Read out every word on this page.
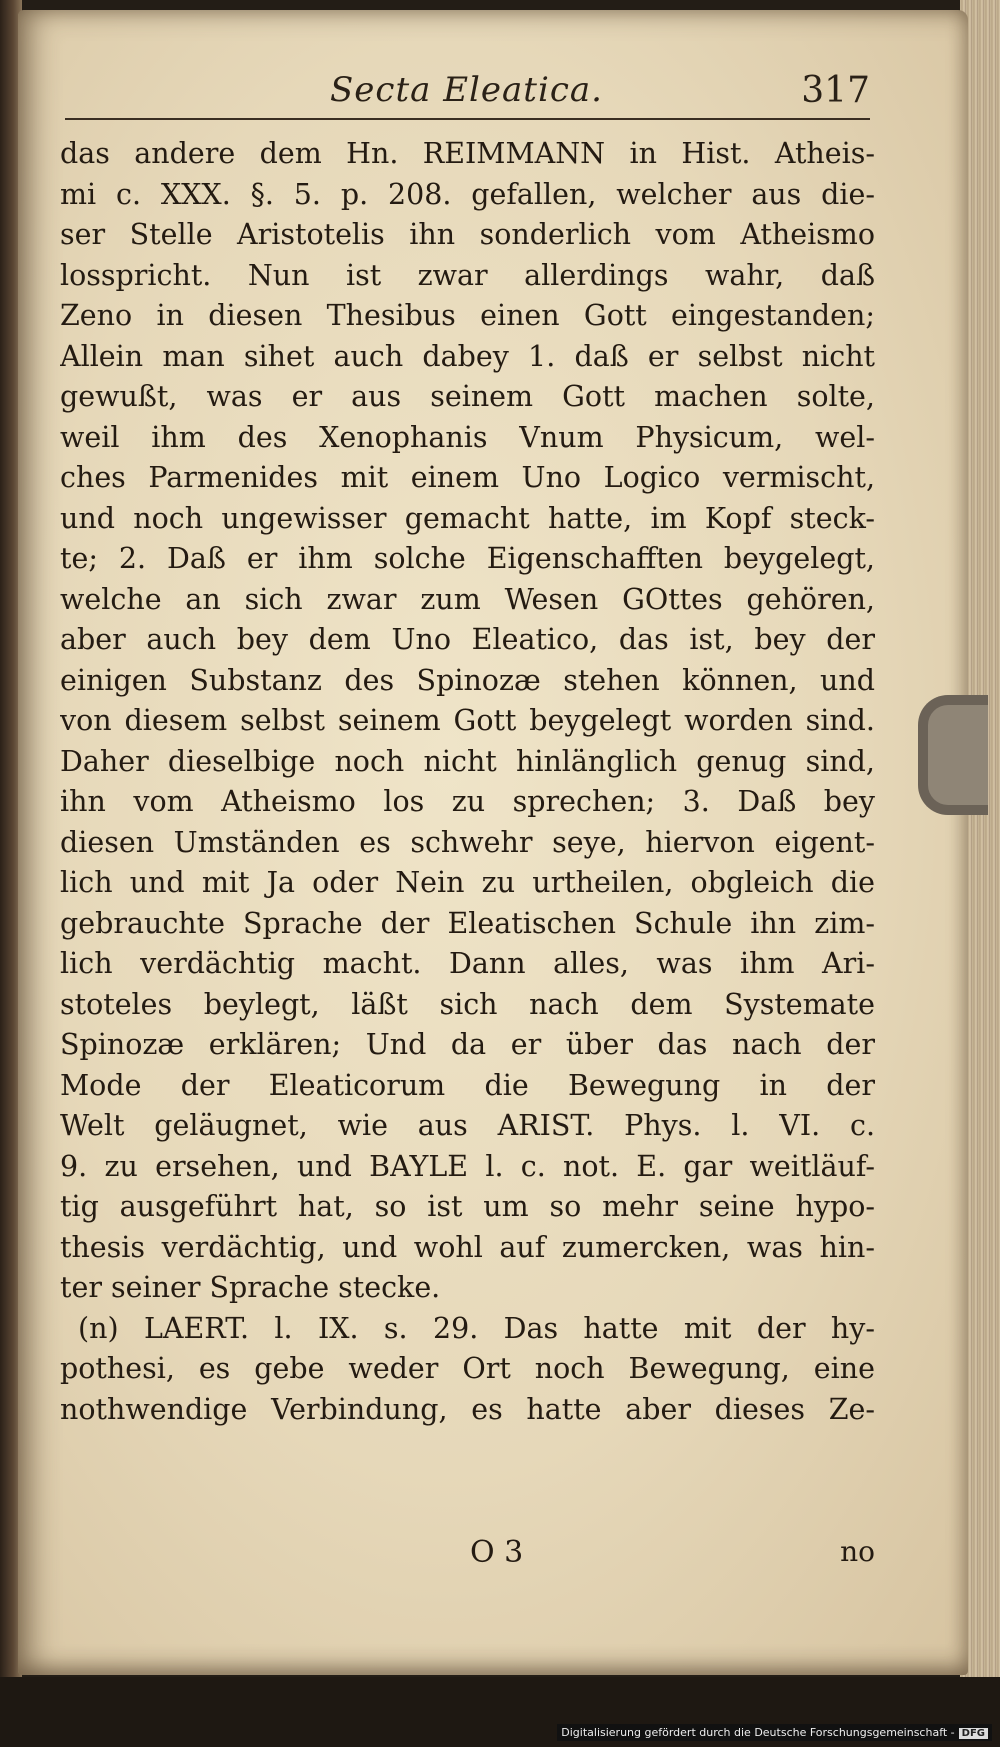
Secta Eleatica.	317
das andere dem Hn. REIMMANN in Hist. Atheis-
mi c. XXX. §. 5. p. 208. gefallen, welcher aus die-
ser Stelle Aristotelis ihn sonderlich vom Atheismo
losspricht. Nun ist zwar allerdings wahr, daß
Zeno in diesen Thesibus einen Gott eingestanden;
Allein man sihet auch dabey 1. daß er selbst nicht
gewußt, was er aus seinem Gott machen solte,
weil ihm des Xenophanis Vnum Physicum, wel-
ches Parmenides mit einem Uno Logico vermischt,
und noch ungewisser gemacht hatte, im Kopf steck-
te; 2. Daß er ihm solche Eigenschafften beygelegt,
welche an sich zwar zum Wesen GOttes gehören,
aber auch bey dem Uno Eleatico, das ist, bey der
einigen Substanz des Spinozæ stehen können, und
von diesem selbst seinem Gott beygelegt worden sind.
Daher dieselbige noch nicht hinlänglich genug sind,
ihn vom Atheismo los zu sprechen; 3. Daß bey
diesen Umständen es schwehr seye, hiervon eigent-
lich und mit Ja oder Nein zu urtheilen, obgleich die
gebrauchte Sprache der Eleatischen Schule ihn zim-
lich verdächtig macht. Dann alles, was ihm Ari-
stoteles beylegt, läßt sich nach dem Systemate
Spinozæ erklären; Und da er über das nach der
Mode der Eleaticorum die Bewegung in der
Welt geläugnet, wie aus ARIST. Phys. l. VI. c.
9. zu ersehen, und BAYLE l. c. not. E. gar weitläuf-
tig ausgeführt hat, so ist um so mehr seine hypo-
thesis verdächtig, und wohl auf zumercken, was hin-
ter seiner Sprache stecke.
(n) LAERT. l. IX. s. 29. Das hatte mit der hy-
pothesi, es gebe weder Ort noch Bewegung, eine
nothwendige Verbindung, es hatte aber dieses Ze-
O 3	no
Digitalisierung gefördert durch die Deutsche Forschungsgemeinschaft - DFG
